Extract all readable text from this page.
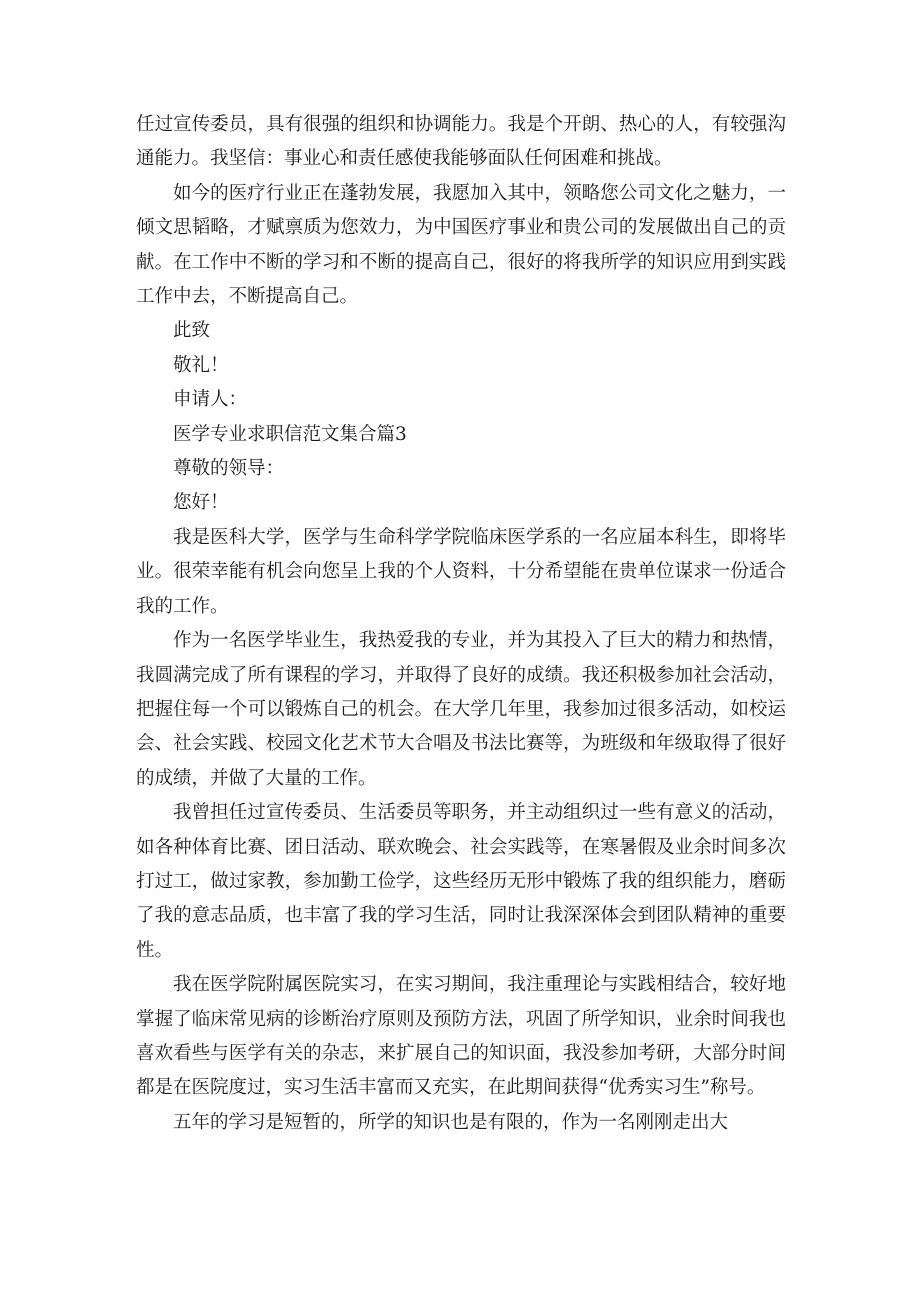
任过宣传委员，具有很强的组织和协调能力。我是个开朗、热心的人，有较强沟通能力。我坚信：事业心和责任感使我能够面队任何困难和挑战。

如今的医疗行业正在蓬勃发展，我愿加入其中，领略您公司文化之魅力，一倾文思韬略，才赋禀质为您效力，为中国医疗事业和贵公司的发展做出自己的贡献。在工作中不断的学习和不断的提高自己，很好的将我所学的知识应用到实践工作中去，不断提高自己。

此致

敬礼！

申请人：

医学专业求职信范文集合篇3

尊敬的领导：

您好！

我是医科大学，医学与生命科学学院临床医学系的一名应届本科生，即将毕业。很荣幸能有机会向您呈上我的个人资料，十分希望能在贵单位谋求一份适合我的工作。

作为一名医学毕业生，我热爱我的专业，并为其投入了巨大的精力和热情，我圆满完成了所有课程的学习，并取得了良好的成绩。我还积极参加社会活动，把握住每一个可以锻炼自己的机会。在大学几年里，我参加过很多活动，如校运会、社会实践、校园文化艺术节大合唱及书法比赛等，为班级和年级取得了很好的成绩，并做了大量的工作。

我曾担任过宣传委员、生活委员等职务，并主动组织过一些有意义的活动，如各种体育比赛、团日活动、联欢晚会、社会实践等，在寒暑假及业余时间多次打过工，做过家教，参加勤工俭学，这些经历无形中锻炼了我的组织能力，磨砺了我的意志品质，也丰富了我的学习生活，同时让我深深体会到团队精神的重要性。

我在医学院附属医院实习，在实习期间，我注重理论与实践相结合，较好地掌握了临床常见病的诊断治疗原则及预防方法，巩固了所学知识，业余时间我也喜欢看些与医学有关的杂志，来扩展自己的知识面，我没参加考研，大部分时间都是在医院度过，实习生活丰富而又充实，在此期间获得“优秀实习生”称号。

五年的学习是短暂的，所学的知识也是有限的，作为一名刚刚走出大
